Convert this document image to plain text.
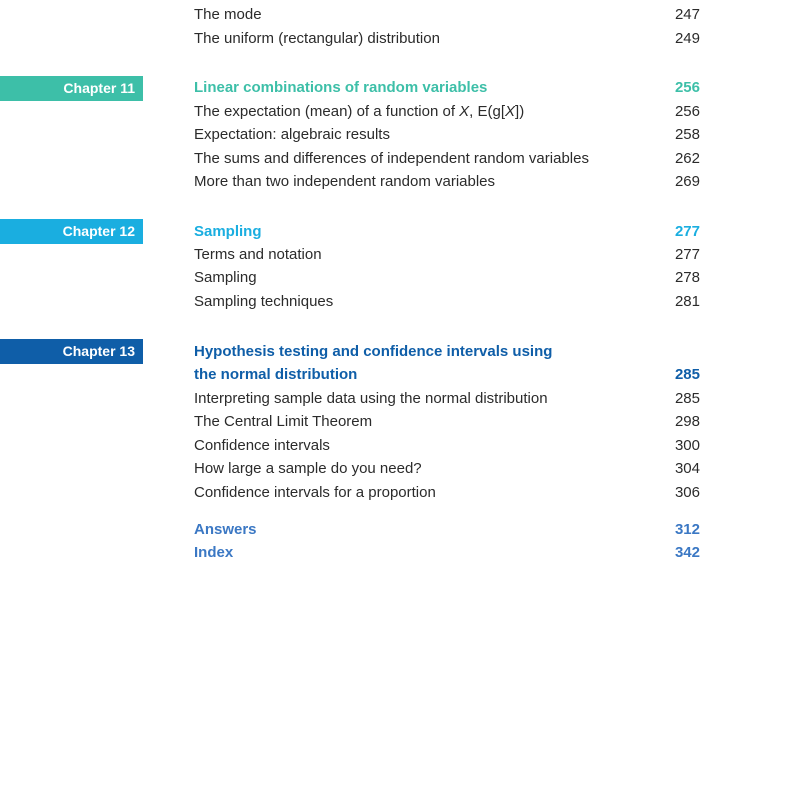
The mode	247
The uniform (rectangular) distribution	249
Chapter 11	Linear combinations of random variables	256
The expectation (mean) of a function of X, E(g[X])	256
Expectation: algebraic results	258
The sums and differences of independent random variables	262
More than two independent random variables	269
Chapter 12	Sampling	277
Terms and notation	277
Sampling	278
Sampling techniques	281
Chapter 13	Hypothesis testing and confidence intervals using
the normal distribution	285
Interpreting sample data using the normal distribution	285
The Central Limit Theorem	298
Confidence intervals	300
How large a sample do you need?	304
Confidence intervals for a proportion	306
Answers	312
Index	342
